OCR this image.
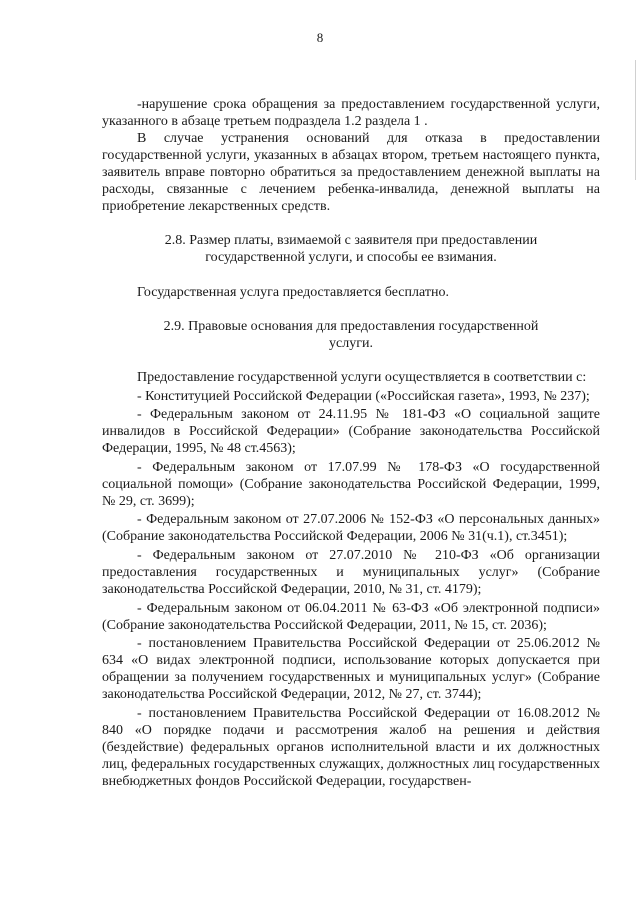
8

-нарушение срока обращения за предоставлением государственной услуги, указанного в абзаце третьем подраздела 1.2 раздела 1 .

В случае устранения оснований для отказа в предоставлении государственной услуги, указанных в абзацах втором, третьем настоящего пункта, заявитель вправе повторно обратиться за предоставлением денежной выплаты на расходы, связанные с лечением ребенка-инвалида, денежной выплаты на приобретение лекарственных средств.

2.8. Размер платы, взимаемой с заявителя при предоставлении

государственной услуги, и способы ее взимания.

Государственная услуга предоставляется бесплатно.

2.9. Правовые основания для предоставления государственной

услуги.

Предоставление государственной услуги осуществляется в соответствии с:

- Конституцией Российской Федерации («Российская газета», 1993, № 237);

- Федеральным законом от 24.11.95 № 181-ФЗ «О социальной защите инвалидов в Российской Федерации» (Собрание законодательства Российской Федерации, 1995, № 48 ст.4563);

- Федеральным законом от 17.07.99 № 178-ФЗ «О государственной социальной помощи» (Собрание законодательства Российской Федерации, 1999, № 29, ст. 3699);

- Федеральным законом от 27.07.2006 № 152-ФЗ «О персональных данных» (Собрание законодательства Российской Федерации, 2006 № 31(ч.1), ст.3451);

- Федеральным законом от 27.07.2010 № 210-ФЗ «Об организации предоставления государственных и муниципальных услуг» (Собрание законодательства Российской Федерации, 2010, № 31, ст. 4179);

- Федеральным законом от 06.04.2011 № 63-ФЗ «Об электронной подписи» (Собрание законодательства Российской Федерации, 2011, № 15, ст. 2036);

- постановлением Правительства Российской Федерации от 25.06.2012 № 634 «О видах электронной подписи, использование которых допускается при обращении за получением государственных и муниципальных услуг» (Собрание законодательства Российской Федерации, 2012, № 27, ст. 3744);

- постановлением Правительства Российской Федерации от 16.08.2012 № 840 «О порядке подачи и рассмотрения жалоб на решения и действия (бездействие) федеральных органов исполнительной власти и их должностных лиц, федеральных государственных служащих, должностных лиц государственных внебюджетных фондов Российской Федерации, государствен-
